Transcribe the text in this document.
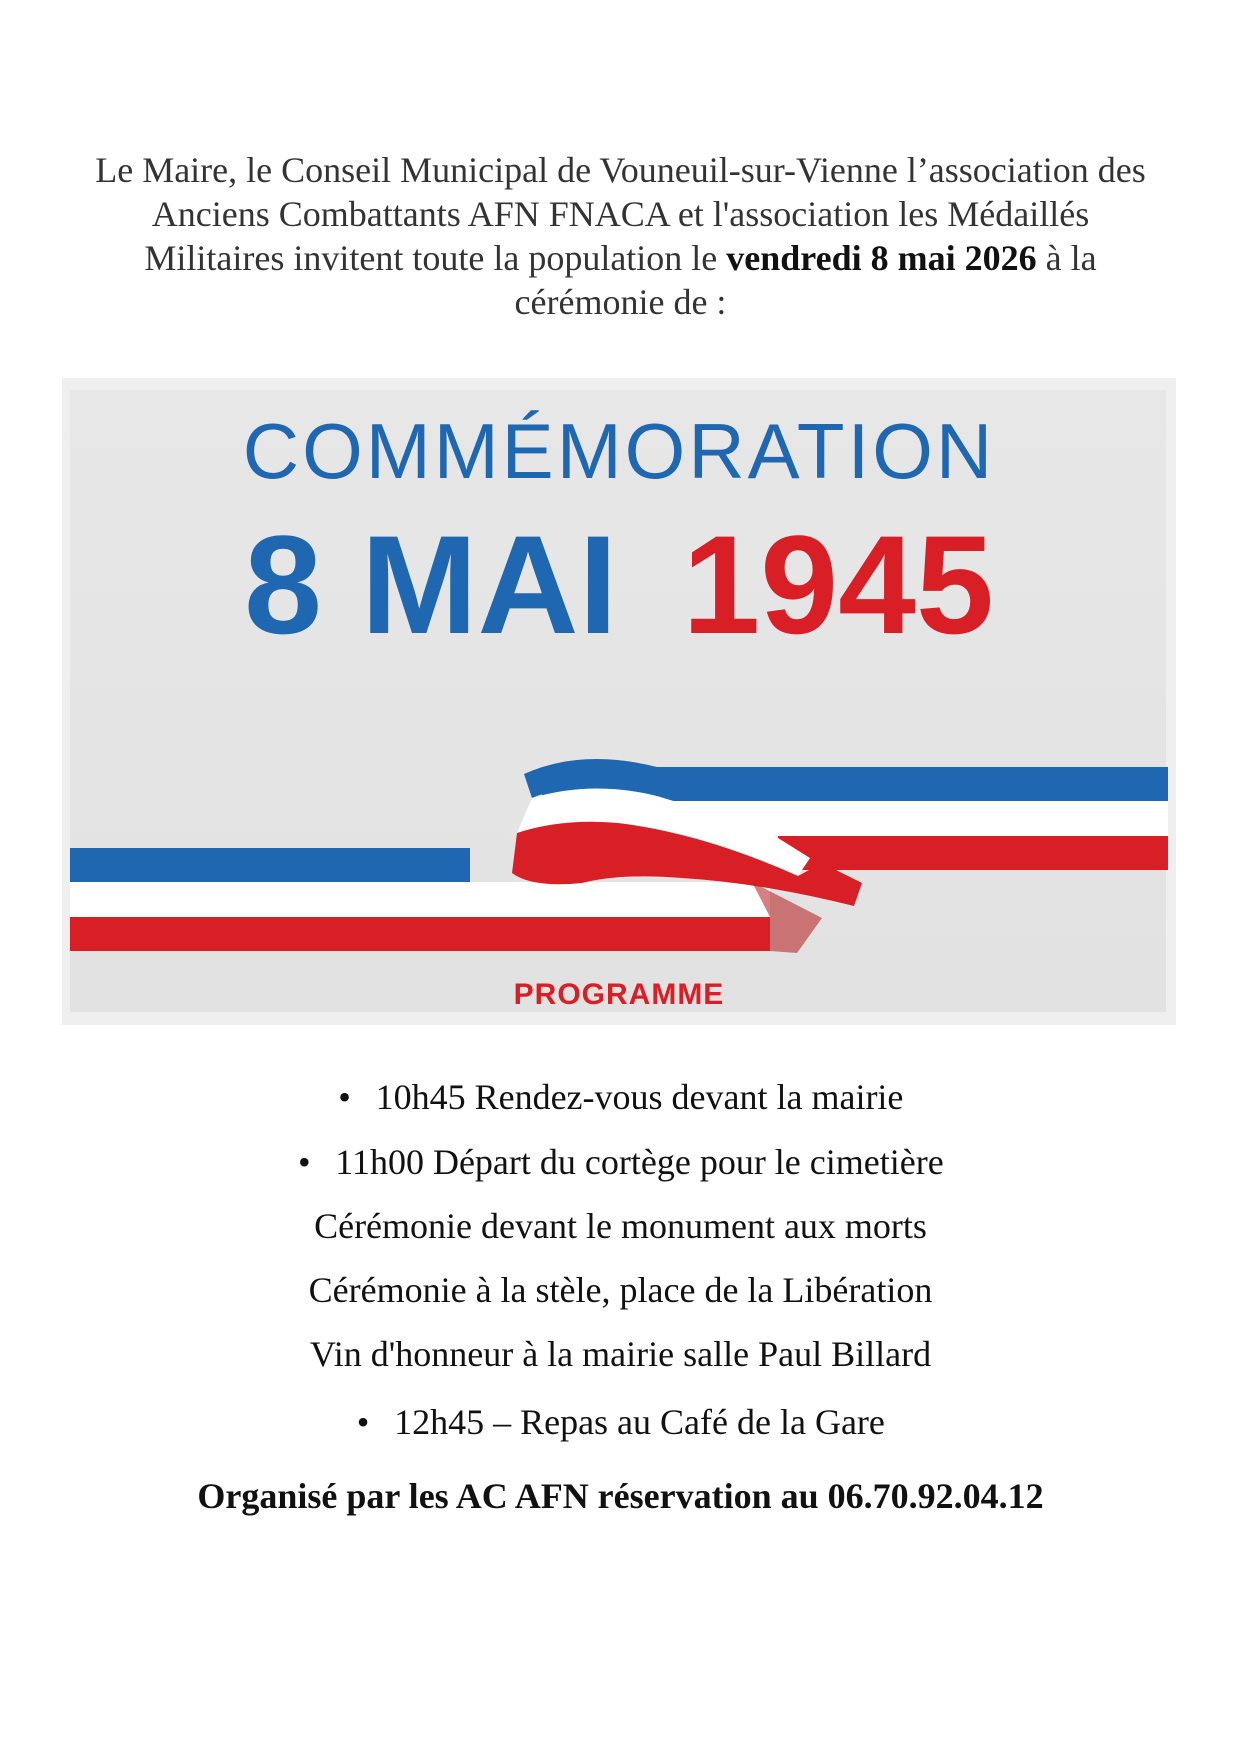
Le Maire, le Conseil Municipal de Vouneuil-sur-Vienne l’association des
Anciens Combattants AFN FNACA et l'association les Médaillés
Militaires invitent toute la population le vendredi 8 mai 2026 à la
cérémonie de :
COMMÉMORATION
8 MAI 1945
PROGRAMME
• 10h45 Rendez-vous devant la mairie
• 11h00 Départ du cortège pour le cimetière
Cérémonie devant le monument aux morts
Cérémonie à la stèle, place de la Libération
Vin d'honneur à la mairie salle Paul Billard
• 12h45 – Repas au Café de la Gare
Organisé par les AC AFN réservation au 06.70.92.04.12
